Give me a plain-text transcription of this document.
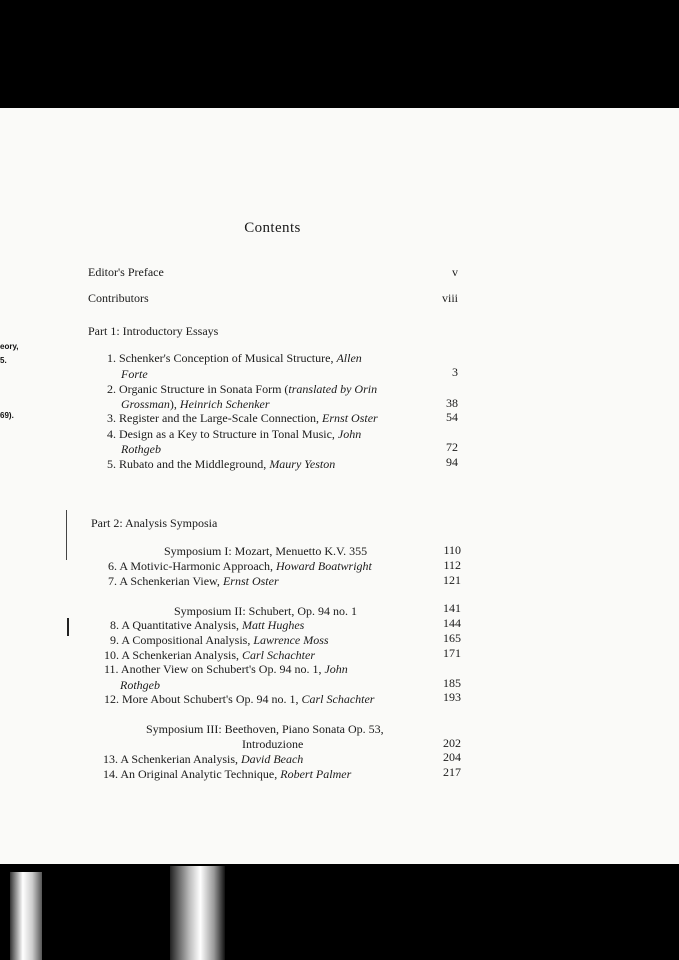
eory,
5.
69).
Contents
Editor's Preface	v
Contributors	viii
Part 1: Introductory Essays
1. Schenker's Conception of Musical Structure, Allen
Forte	3
2. Organic Structure in Sonata Form (translated by Orin
Grossman), Heinrich Schenker	38
3. Register and the Large-Scale Connection, Ernst Oster	54
4. Design as a Key to Structure in Tonal Music, John
Rothgeb	72
5. Rubato and the Middleground, Maury Yeston	94
Part 2: Analysis Symposia
Symposium I: Mozart, Menuetto K.V. 355	110
6. A Motivic-Harmonic Approach, Howard Boatwright	112
7. A Schenkerian View, Ernst Oster	121
Symposium II: Schubert, Op. 94 no. 1	141
8. A Quantitative Analysis, Matt Hughes	144
9. A Compositional Analysis, Lawrence Moss	165
10. A Schenkerian Analysis, Carl Schachter	171
11. Another View on Schubert's Op. 94 no. 1, John
Rothgeb	185
12. More About Schubert's Op. 94 no. 1, Carl Schachter	193
Symposium III: Beethoven, Piano Sonata Op. 53,
Introduzione	202
13. A Schenkerian Analysis, David Beach	204
14. An Original Analytic Technique, Robert Palmer	217
